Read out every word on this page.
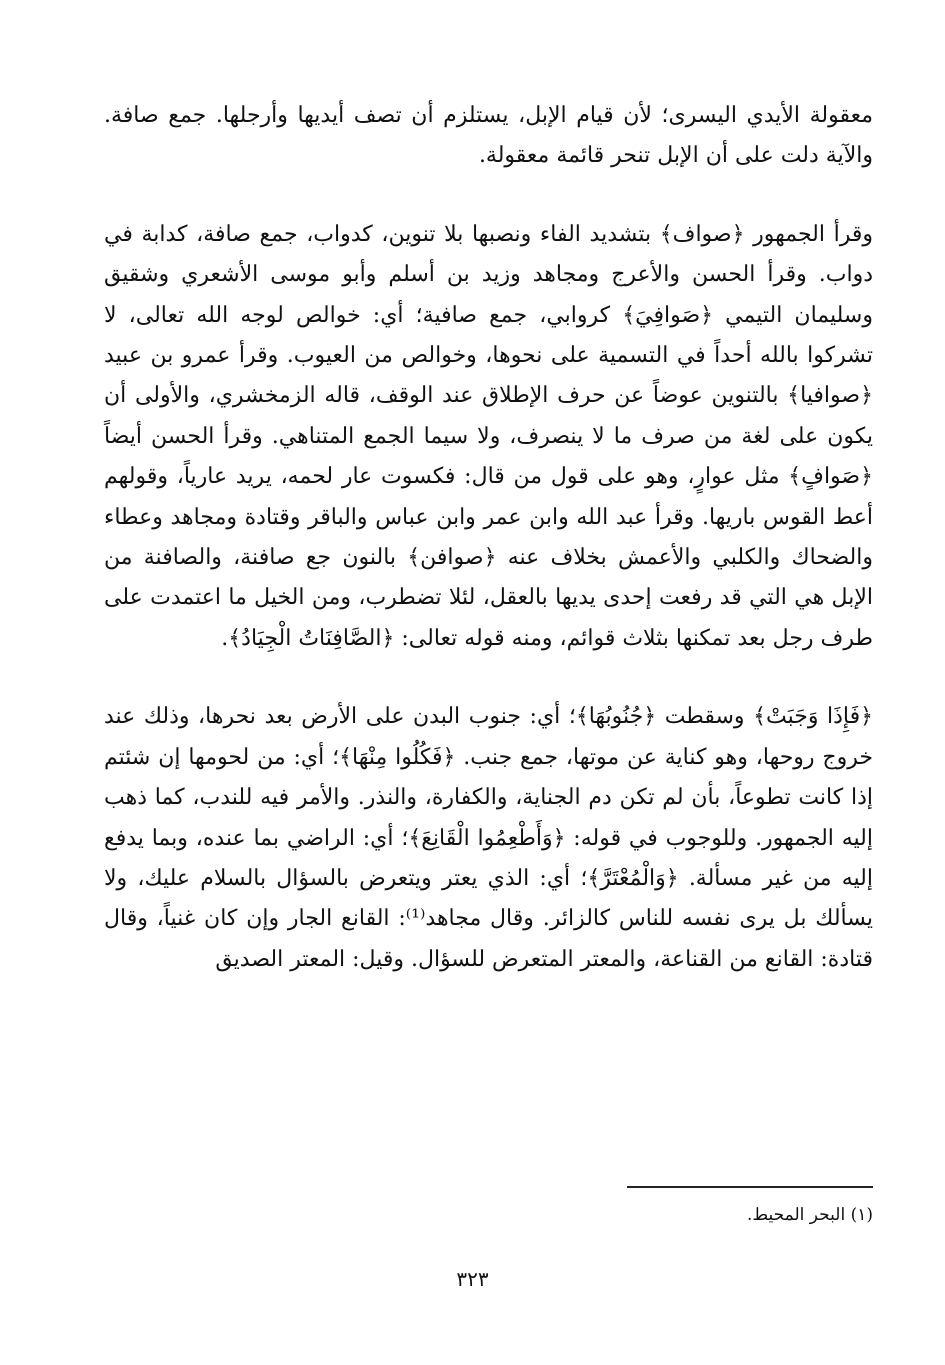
معقولة الأيدي اليسرى؛ لأن قيام الإبل، يستلزم أن تصف أيديها وأرجلها. جمع صافة. والآية دلت على أن الإبل تنحر قائمة معقولة.

وقرأ الجمهور ﴿صواف﴾ بتشديد الفاء ونصبها بلا تنوين، كدواب، جمع صافة، كدابة في دواب. وقرأ الحسن والأعرج ومجاهد وزيد بن أسلم وأبو موسى الأشعري وشقيق وسليمان التيمي ﴿صَوافِيَ﴾ كروابي، جمع صافية؛ أي: خوالص لوجه الله تعالى، لا تشركوا بالله أحداً في التسمية على نحوها، وخوالص من العيوب. وقرأ عمرو بن عبيد ﴿صوافيا﴾ بالتنوين عوضاً عن حرف الإطلاق عند الوقف، قاله الزمخشري، والأولى أن يكون على لغة من صرف ما لا ينصرف، ولا سيما الجمع المتناهي. وقرأ الحسن أيضاً ﴿صَوافٍ﴾ مثل عوارٍ، وهو على قول من قال: فكسوت عار لحمه، يريد عارياً، وقولهم أعط القوس باريها. وقرأ عبد الله وابن عمر وابن عباس والباقر وقتادة ومجاهد وعطاء والضحاك والكلبي والأعمش بخلاف عنه ﴿صوافن﴾ بالنون جع صافنة، والصافنة من الإبل هي التي قد رفعت إحدى يديها بالعقل، لئلا تضطرب، ومن الخيل ما اعتمدت على طرف رجل بعد تمكنها بثلاث قوائم، ومنه قوله تعالى: ﴿الصَّافِنَاتُ الْجِيَادُ﴾.

﴿فَإِذَا وَجَبَتْ﴾ وسقطت ﴿جُنُوبُهَا﴾؛ أي: جنوب البدن على الأرض بعد نحرها، وذلك عند خروج روحها، وهو كناية عن موتها، جمع جنب. ﴿فَكُلُوا مِنْهَا﴾؛ أي: من لحومها إن شئتم إذا كانت تطوعاً، بأن لم تكن دم الجناية، والكفارة، والنذر. والأمر فيه للندب، كما ذهب إليه الجمهور. وللوجوب في قوله: ﴿وَأَطْعِمُوا الْقَانِعَ﴾؛ أي: الراضي بما عنده، وبما يدفع إليه من غير مسألة. ﴿وَالْمُعْتَرَّ﴾؛ أي: الذي يعتر ويتعرض بالسؤال بالسلام عليك، ولا يسألك بل يرى نفسه للناس كالزائر. وقال مجاهد⁽¹⁾: القانع الجار وإن كان غنياً، وقال قتادة: القانع من القناعة، والمعتر المتعرض للسؤال. وقيل: المعتر الصديق

(١) البحر المحيط.
٣٢٣
